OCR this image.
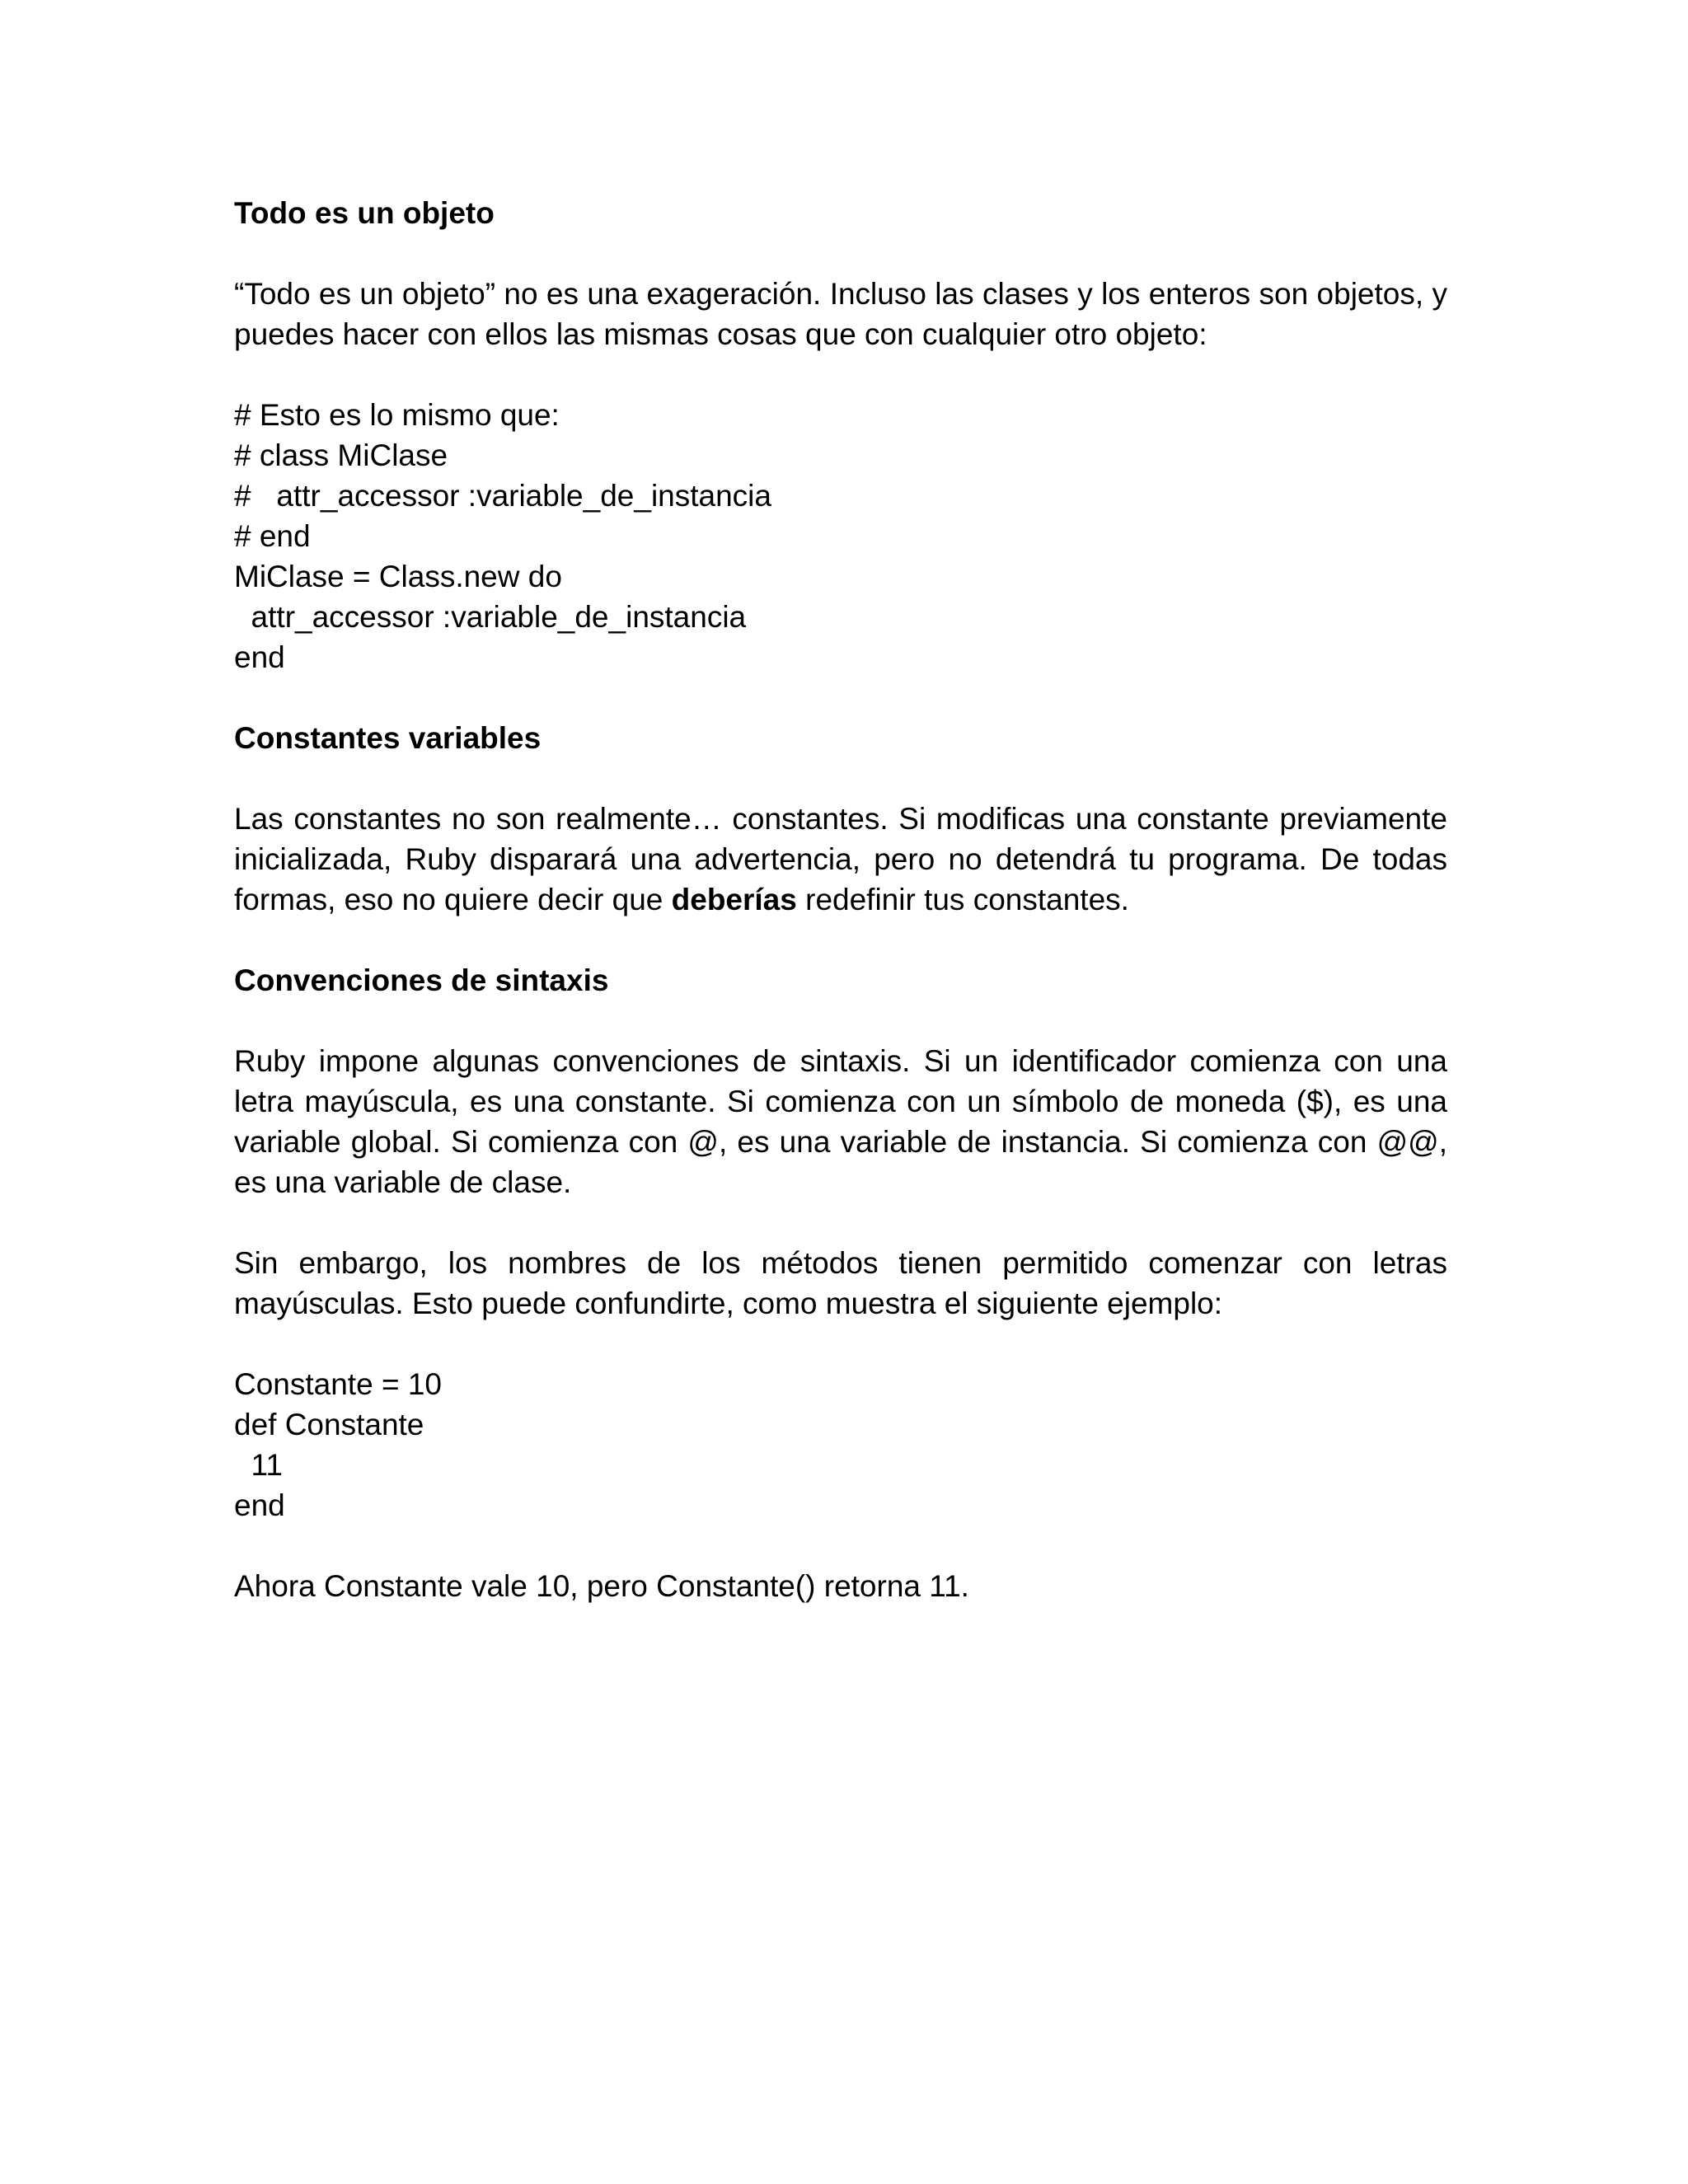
Todo es un objeto
“Todo es un objeto” no es una exageración. Incluso las clases y los enteros son objetos, y puedes hacer con ellos las mismas cosas que con cualquier otro objeto:
# Esto es lo mismo que:
# class MiClase
#   attr_accessor :variable_de_instancia
# end
MiClase = Class.new do
attr_accessor :variable_de_instancia
end
Constantes variables
Las constantes no son realmente… constantes. Si modificas una constante previamente inicializada, Ruby disparará una advertencia, pero no detendrá tu programa. De todas formas, eso no quiere decir que deberías redefinir tus constantes.
Convenciones de sintaxis
Ruby impone algunas convenciones de sintaxis. Si un identificador comienza con una letra mayúscula, es una constante. Si comienza con un símbolo de moneda ($), es una variable global. Si comienza con @, es una variable de instancia. Si comienza con @@, es una variable de clase.
Sin embargo, los nombres de los métodos tienen permitido comenzar con letras mayúsculas. Esto puede confundirte, como muestra el siguiente ejemplo:
Constante = 10
def Constante
11
end
Ahora Constante vale 10, pero Constante() retorna 11.
